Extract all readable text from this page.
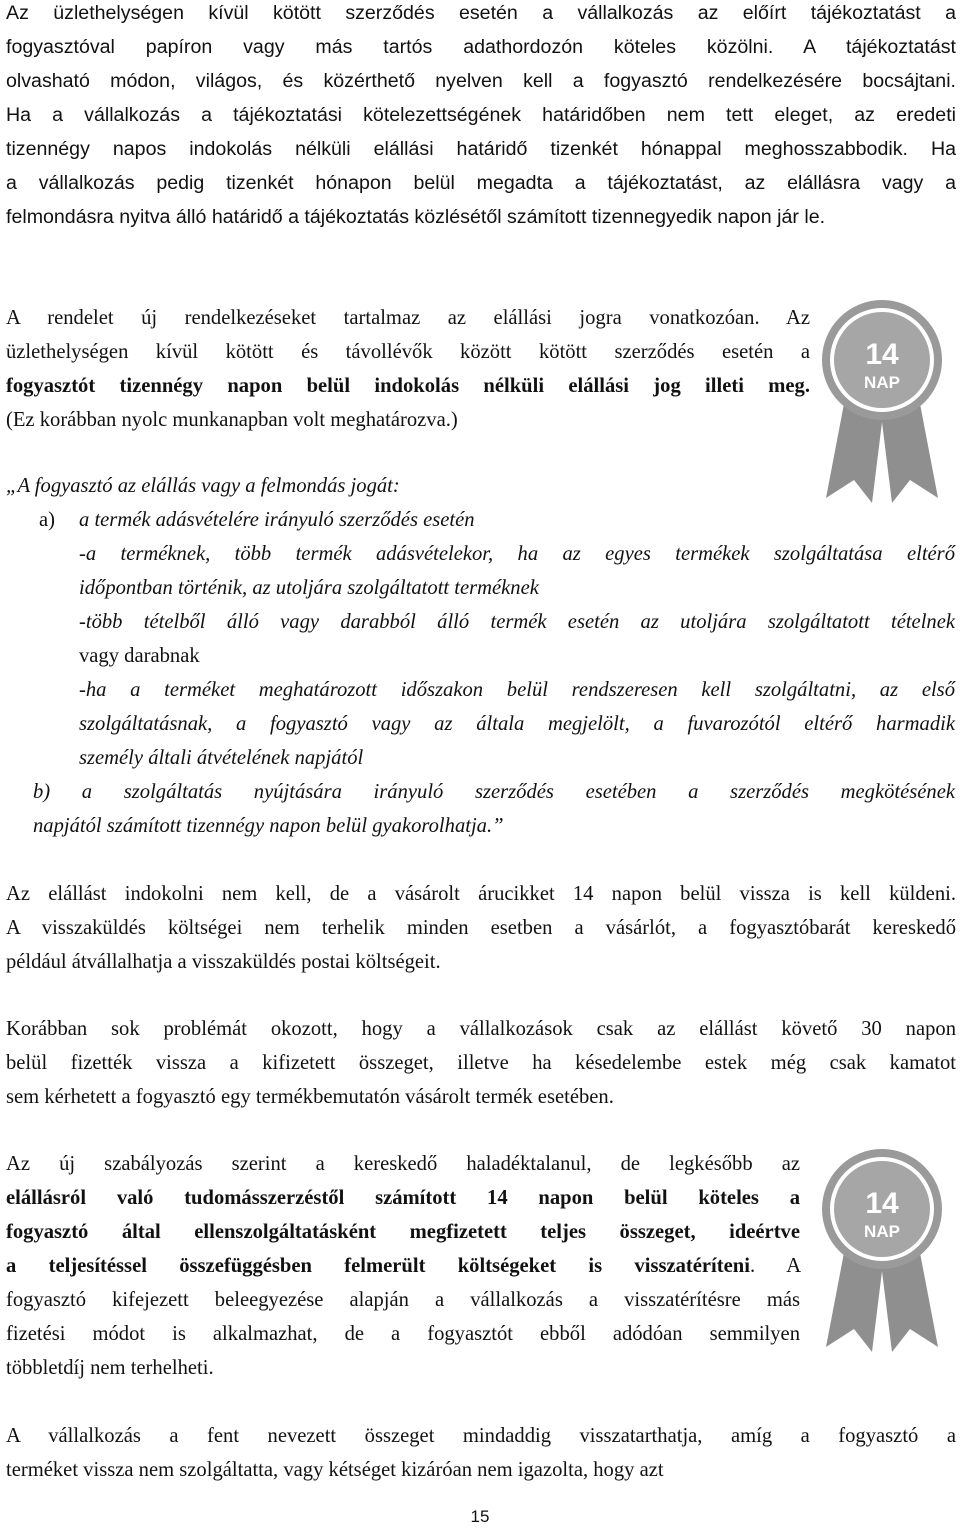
Az üzlethelységen kívül kötött szerződés esetén a vállalkozás az előírt tájékoztatást a fogyasztóval papíron vagy más tartós adathordozón köteles közölni. A tájékoztatást olvasható módon, világos, és közérthető nyelven kell a fogyasztó rendelkezésére bocsájtani. Ha a vállalkozás a tájékoztatási kötelezettségének határidőben nem tett eleget, az eredeti tizennégy napos indokolás nélküli elállási határidő tizenkét hónappal meghosszabbodik. Ha a vállalkozás pedig tizenkét hónapon belül megadta a tájékoztatást, az elállásra vagy a felmondásra nyitva álló határidő a tájékoztatás közlésétől számított tizennegyedik napon jár le.
A rendelet új rendelkezéseket tartalmaz az elállási jogra vonatkozóan. Az üzlethelységen kívül kötött és távollévők között kötött szerződés esetén a fogyasztót tizennégy napon belül indokolás nélküli elállási jog illeti meg. (Ez korábban nyolc munkanapban volt meghatározva.)
14
NAP
„A fogyasztó az elállás vagy a felmondás jogát:
a) a termék adásvételére irányuló szerződés esetén
-a terméknek, több termék adásvételekor, ha az egyes termékek szolgáltatása eltérő
időpontban történik, az utoljára szolgáltatott terméknek
-több tételből álló vagy darabból álló termék esetén az utoljára szolgáltatott tételnek
vagy darabnak
-ha a terméket meghatározott időszakon belül rendszeresen kell szolgáltatni, az első
szolgáltatásnak, a fogyasztó vagy az általa megjelölt, a fuvarozótól eltérő harmadik
személy általi átvételének napjától
b) a szolgáltatás nyújtására irányuló szerződés esetében a szerződés megkötésének
napjától számított tizennégy napon belül gyakorolhatja.”
Az elállást indokolni nem kell, de a vásárolt árucikket 14 napon belül vissza is kell küldeni. A visszaküldés költségei nem terhelik minden esetben a vásárlót, a fogyasztóbarát kereskedő például átvállalhatja a visszaküldés postai költségeit.
Korábban sok problémát okozott, hogy a vállalkozások csak az elállást követő 30 napon belül fizették vissza a kifizetett összeget, illetve ha késedelembe estek még csak kamatot sem kérhetett a fogyasztó egy termékbemutatón vásárolt termék esetében.
Az új szabályozás szerint a kereskedő haladéktalanul, de legkésőbb az elállásról való tudomásszerzéstől számított 14 napon belül köteles a fogyasztó által ellenszolgáltatásként megfizetett teljes összeget, ideértve a teljesítéssel összefüggésben felmerült költségeket is visszatéríteni. A fogyasztó kifejezett beleegyezése alapján a vállalkozás a visszatérítésre más fizetési módot is alkalmazhat, de a fogyasztót ebből adódóan semmilyen többletdíj nem terhelheti.
14
NAP
A vállalkozás a fent nevezett összeget mindaddig visszatarthatja, amíg a fogyasztó a terméket vissza nem szolgáltatta, vagy kétséget kizáróan nem igazolta, hogy azt
15
